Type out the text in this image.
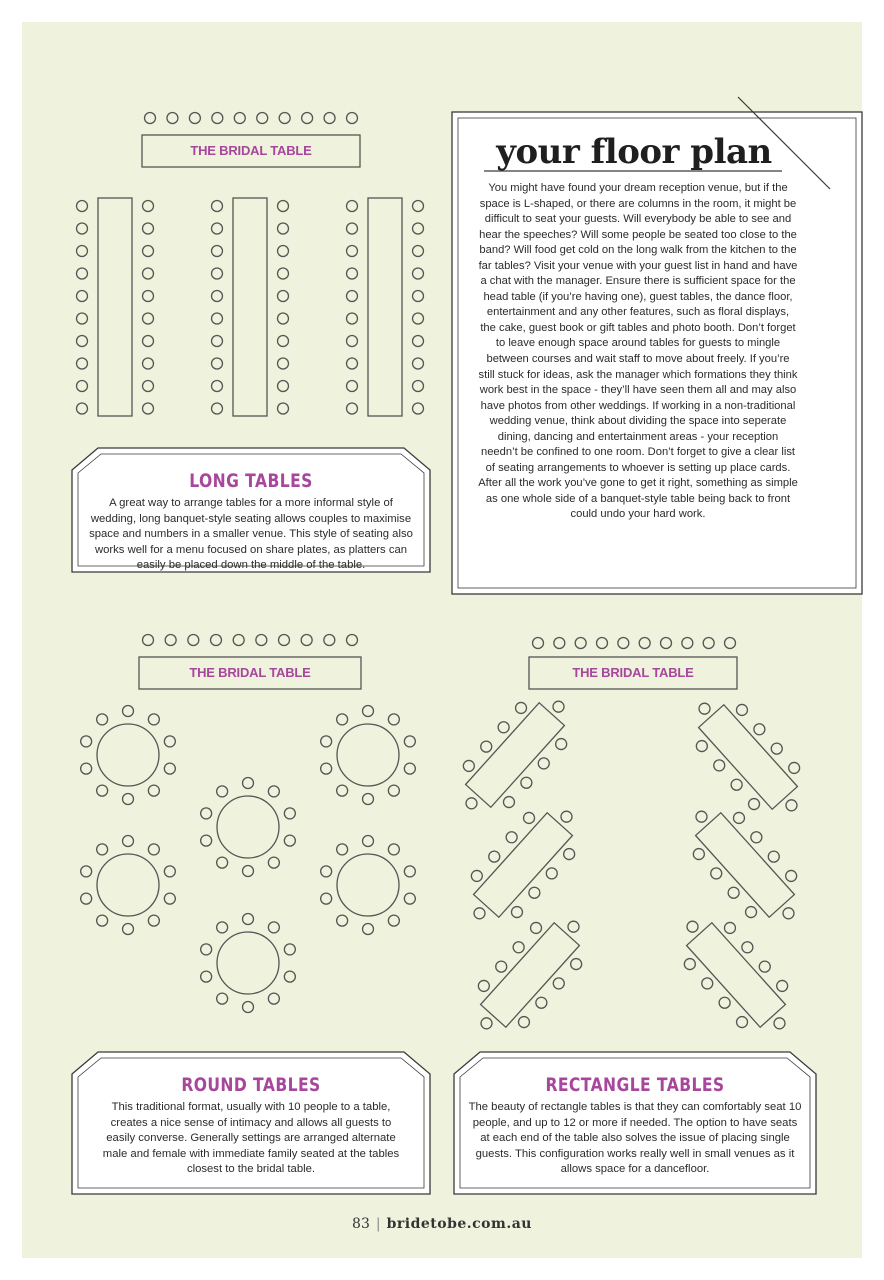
THE BRIDAL TABLE
THE BRIDAL TABLE	THE BRIDAL TABLE
your floor plan

You might have found your dream reception venue, but if the space is L-shaped, or there are columns in the room, it might be difficult to seat your guests. Will everybody be able to see and hear the speeches? Will some people be seated too close to the band? Will food get cold on the long walk from the kitchen to the far tables? Visit your venue with your guest list in hand and have a chat with the manager. Ensure there is sufficient space for the head table (if you’re having one), guest tables, the dance floor, entertainment and any other features, such as floral displays, the cake, guest book or gift tables and photo booth. Don’t forget to leave enough space around tables for guests to mingle between courses and wait staff to move about freely. If you’re still stuck for ideas, ask the manager which formations they think work best in the space - they’ll have seen them all and may also have photos from other weddings. If working in a non-traditional wedding venue, think about dividing the space into seperate dining, dancing and entertainment areas - your reception needn’t be confined to one room. Don’t forget to give a clear list of seating arrangements to whoever is setting up place cards. After all the work you’ve gone to get it right, something as simple as one whole side of a banquet-style table being back to front could undo your hard work.

LONG TABLES

A great way to arrange tables for a more informal style of wedding, long banquet-style seating allows couples to maximise space and numbers in a smaller venue. This style of seating also works well for a menu focused on share plates, as platters can easily be placed down the middle of the table.

ROUND TABLES

This traditional format, usually with 10 people to a table, creates a nice sense of intimacy and allows all guests to easily converse. Generally settings are arranged alternate male and female with immediate family seated at the tables closest to the bridal table.

RECTANGLE TABLES

The beauty of rectangle tables is that they can comfortably seat 10 people, and up to 12 or more if needed. The option to have seats at each end of the table also solves the issue of placing single guests. This configuration works really well in small venues as it allows space for a dancefloor.

83 | bridetobe.com.au
